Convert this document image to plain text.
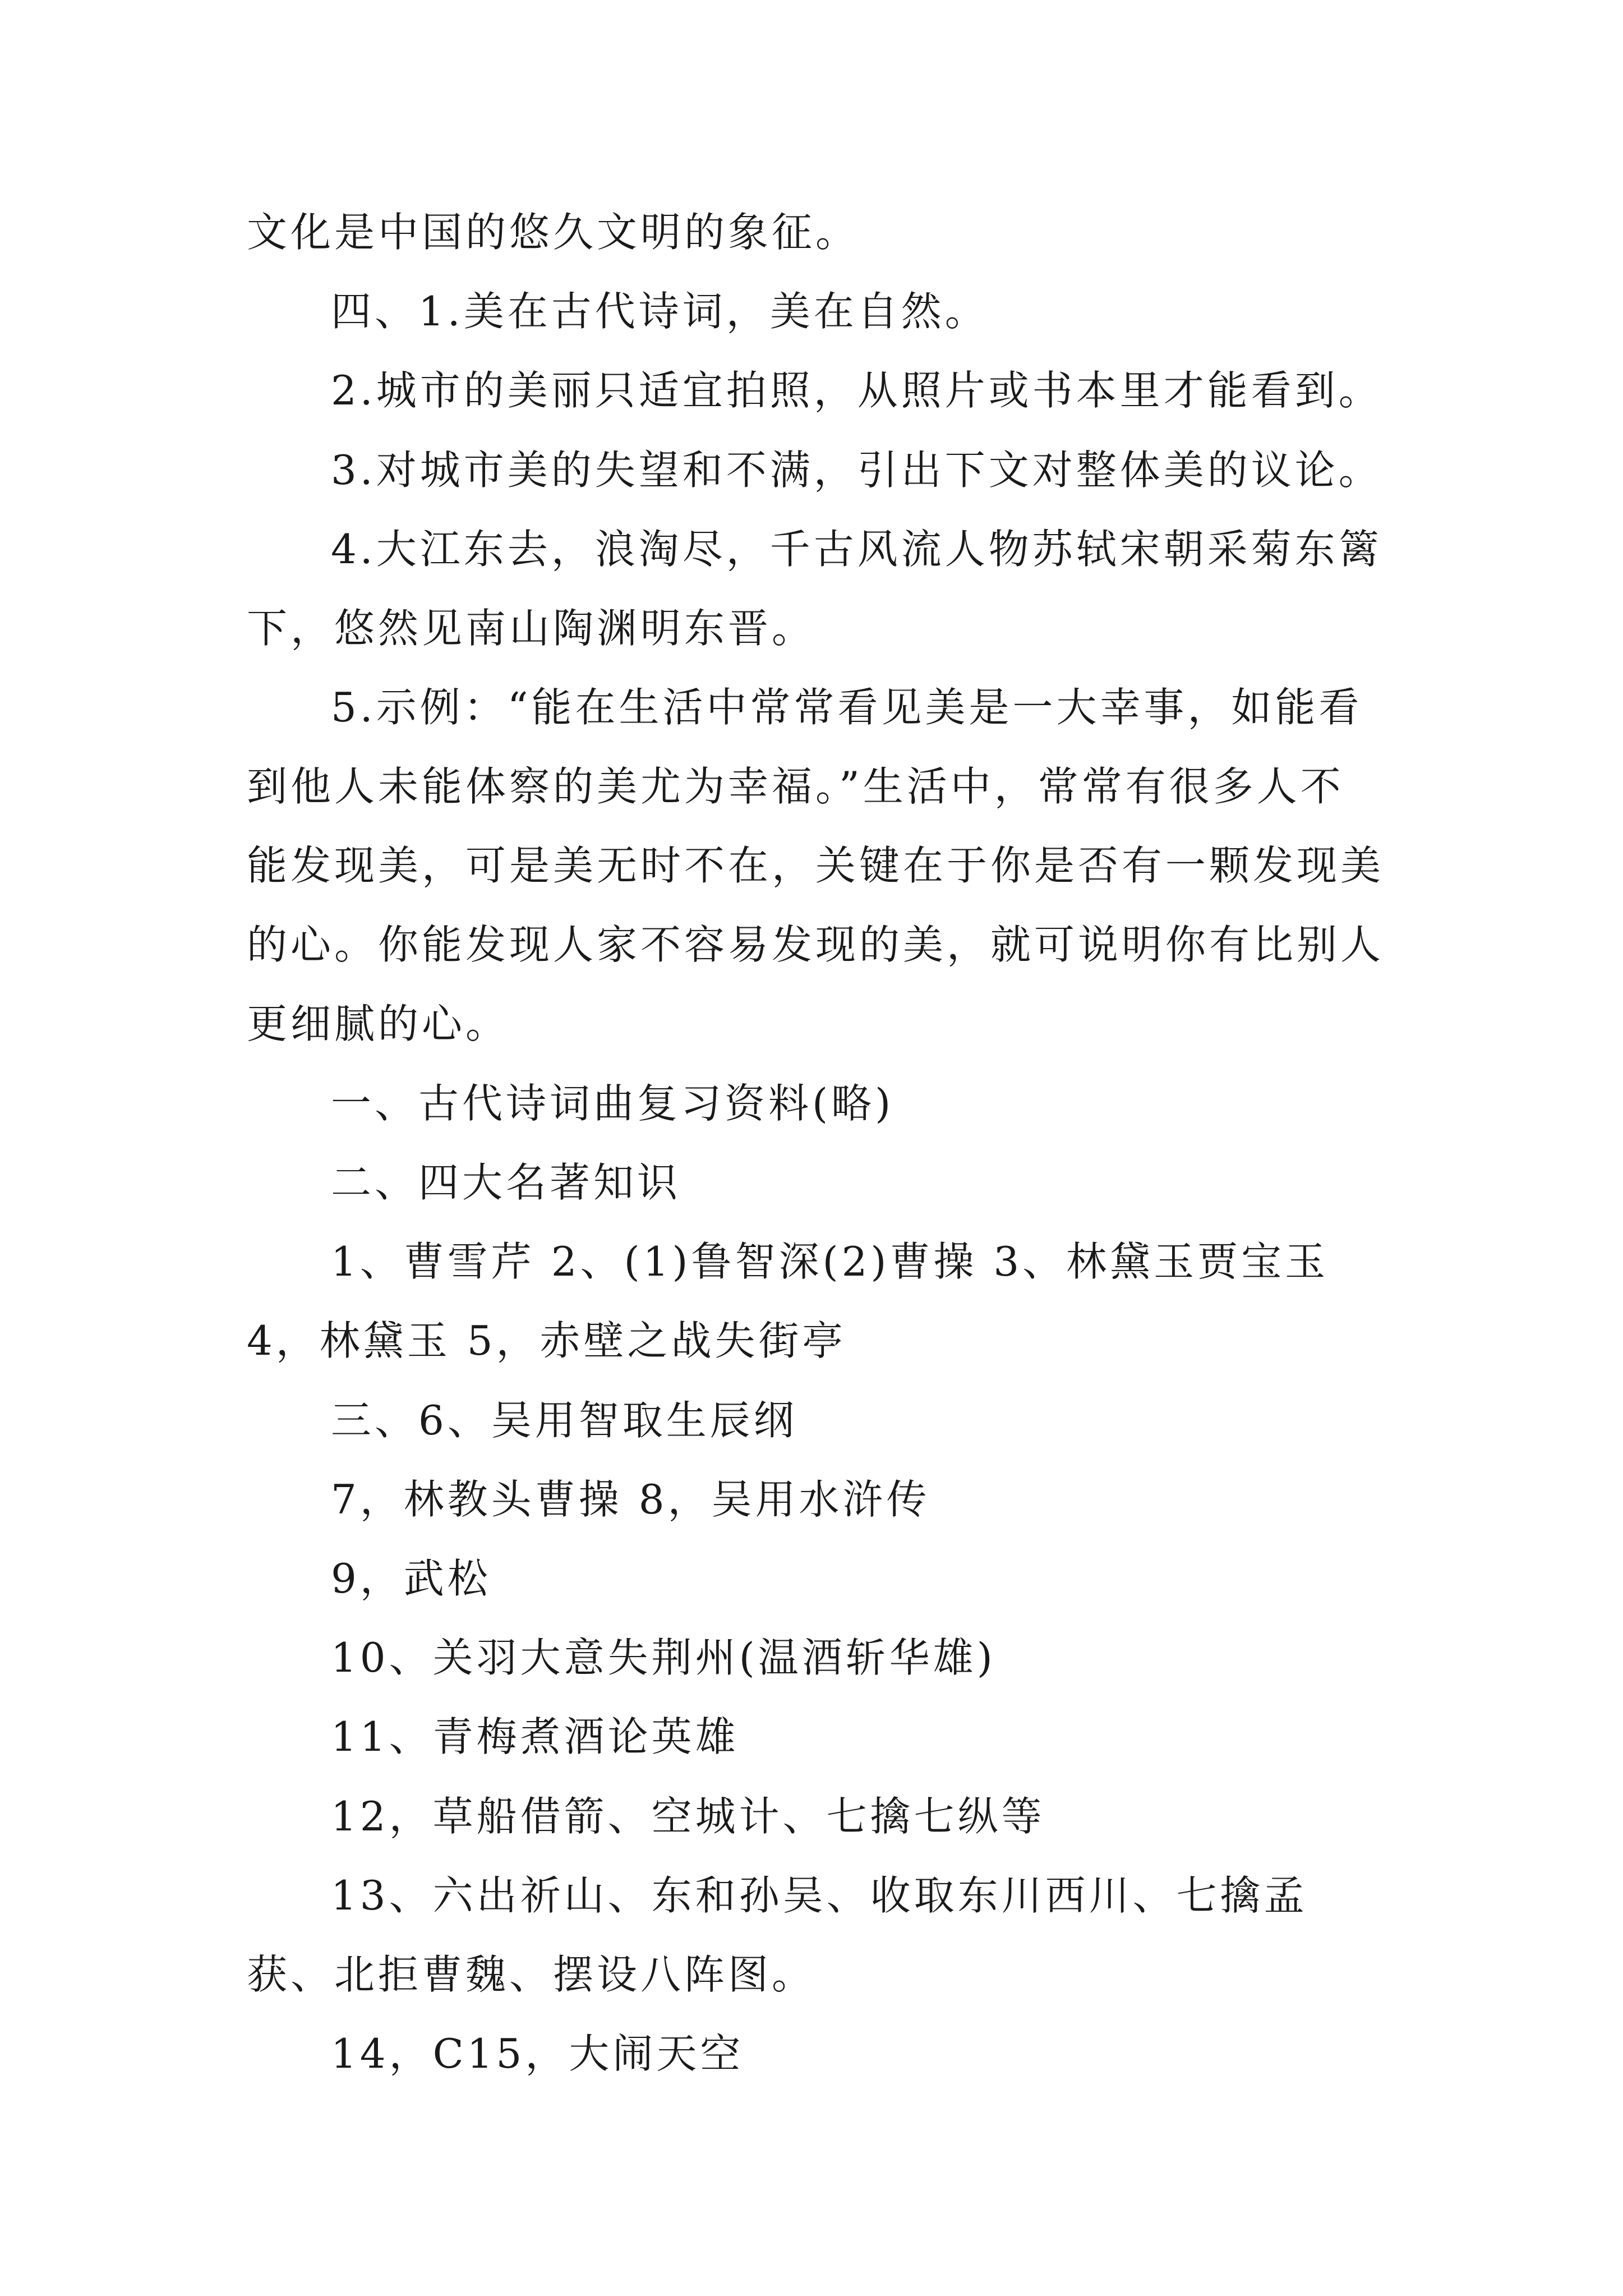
文化是中国的悠久文明的象征。

四、1.美在古代诗词，美在自然。

2.城市的美丽只适宜拍照，从照片或书本里才能看到。

3.对城市美的失望和不满，引出下文对整体美的议论。

4.大江东去，浪淘尽，千古风流人物苏轼宋朝采菊东篱下，悠然见南山陶渊明东晋。

5.示例：“能在生活中常常看见美是一大幸事，如能看到他人未能体察的美尤为幸福。”生活中，常常有很多人不能发现美，可是美无时不在，关键在于你是否有一颗发现美的心。你能发现人家不容易发现的美，就可说明你有比别人更细腻的心。

一、古代诗词曲复习资料(略)

二、四大名著知识

1、曹雪芹 2、(1)鲁智深(2)曹操 3、林黛玉贾宝玉 4，林黛玉 5，赤壁之战失街亭

三、6、吴用智取生辰纲

7，林教头曹操 8，吴用水浒传

9，武松

10、关羽大意失荆州(温酒斩华雄)

11、青梅煮酒论英雄

12，草船借箭、空城计、七擒七纵等

13、六出祈山、东和孙吴、收取东川西川、七擒孟获、北拒曹魏、摆设八阵图。

14，C15，大闹天空
